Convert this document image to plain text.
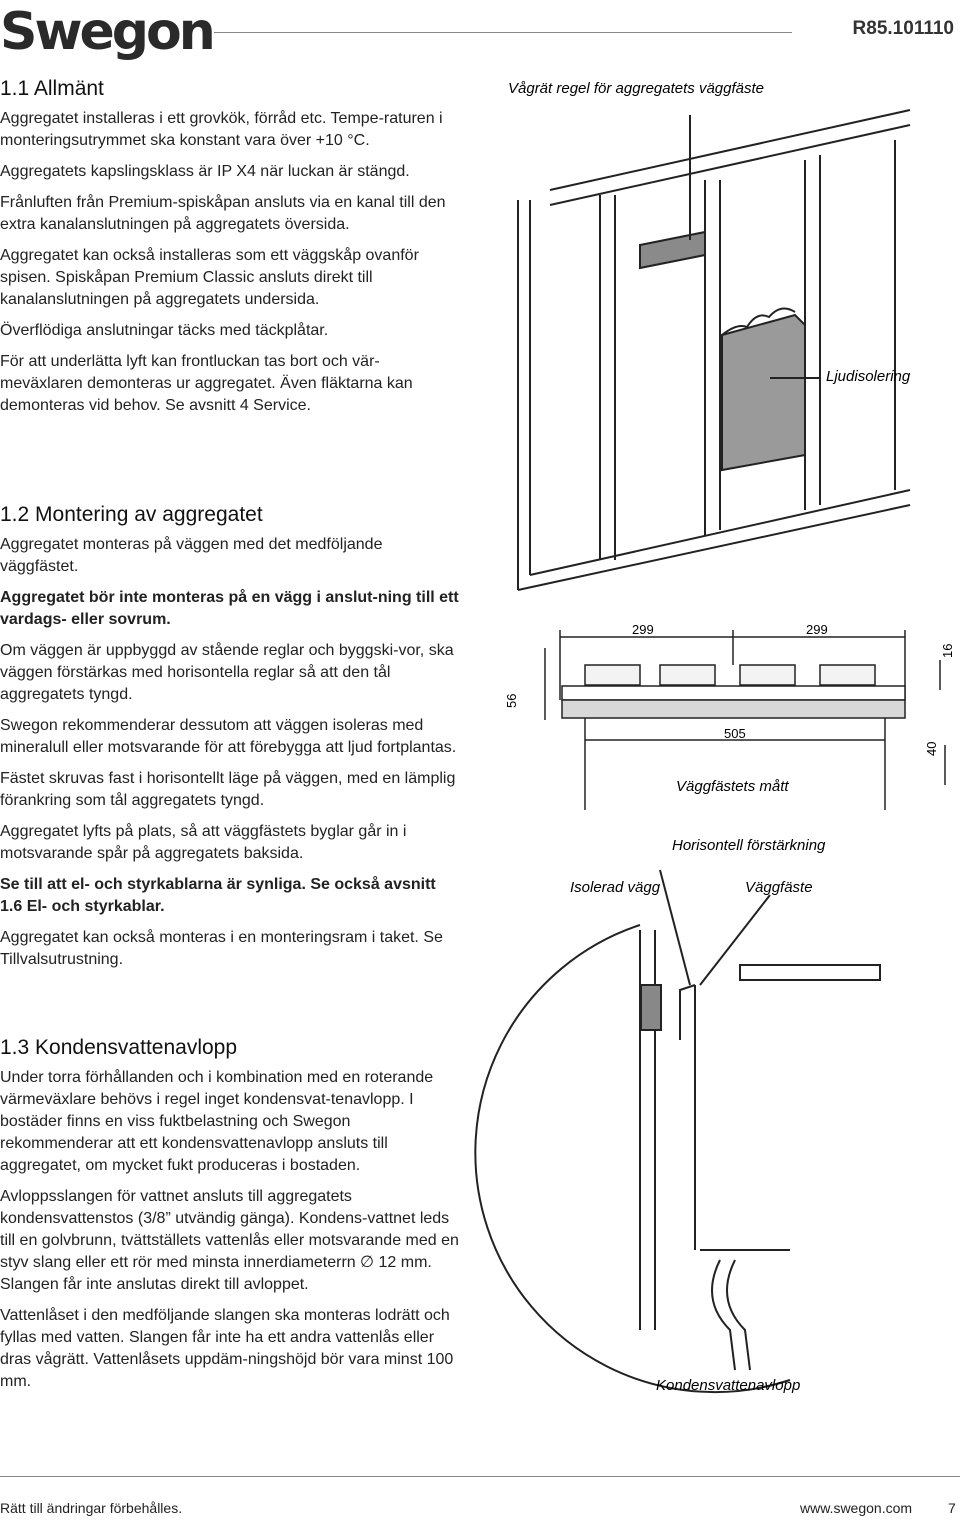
Swegon	R85.101110
1.1 Allmänt

Aggregatet installeras i ett grovkök, förråd etc. Tempe-raturen i monteringsutrymmet ska konstant vara över +10 °C.

Aggregatets kapslingsklass är IP X4 när luckan är stängd.

Frånluften från Premium-spiskåpan ansluts via en kanal till den extra kanalanslutningen på aggregatets översida.

Aggregatet kan också installeras som ett väggskåp ovanför spisen. Spiskåpan Premium Classic ansluts direkt till kanalanslutningen på aggregatets undersida.

Överflödiga anslutningar täcks med täckplåtar.

För att underlätta lyft kan frontluckan tas bort och vär-meväxlaren demonteras ur aggregatet. Även fläktarna kan demonteras vid behov. Se avsnitt 4 Service.

1.2 Montering av aggregatet

Aggregatet monteras på väggen med det medföljande väggfästet.

Aggregatet bör inte monteras på en vägg i anslut-ning till ett vardags- eller sovrum.

Om väggen är uppbyggd av stående reglar och byggski-vor, ska väggen förstärkas med horisontella reglar så att den tål aggregatets tyngd.

Swegon rekommenderar dessutom att väggen isoleras med mineralull eller motsvarande för att förebygga att ljud fortplantas.

Fästet skruvas fast i horisontellt läge på väggen, med en lämplig förankring som tål aggregatets tyngd.

Aggregatet lyfts på plats, så att väggfästets byglar går in i motsvarande spår på aggregatets baksida.

Se till att el- och styrkablarna är synliga. Se också avsnitt 1.6 El- och styrkablar.

Aggregatet kan också monteras i en monteringsram i taket. Se Tillvalsutrustning.

1.3 Kondensvattenavlopp

Under torra förhållanden och i kombination med en roterande värmeväxlare behövs i regel inget kondensvat-tenavlopp. I bostäder finns en viss fuktbelastning och Swegon rekommenderar att ett kondensvattenavlopp ansluts till aggregatet, om mycket fukt produceras i bostaden.

Avloppsslangen för vattnet ansluts till aggregatets kondensvattenstos (3/8” utvändig gänga). Kondens-vattnet leds till en golvbrunn, tvättställets vattenlås eller motsvarande med en styv slang eller ett rör med minsta innerdiameterrn ∅ 12 mm. Slangen får inte anslutas direkt till avloppet.

Vattenlåset i den medföljande slangen ska monteras lodrätt och fyllas med vatten. Slangen får inte ha ett andra vattenlås eller dras vågrätt. Vattenlåsets uppdäm-ningshöjd bör vara minst 100 mm.

Vågrät regel för aggregatets väggfäste
Ljudisolering
299	299
16
56
505
40
Väggfästets mått
Horisontell förstärkning
Isolerad vägg	Väggfäste
Kondensvattenavlopp
Rätt till ändringar förbehålles.	www.swegon.com	7
